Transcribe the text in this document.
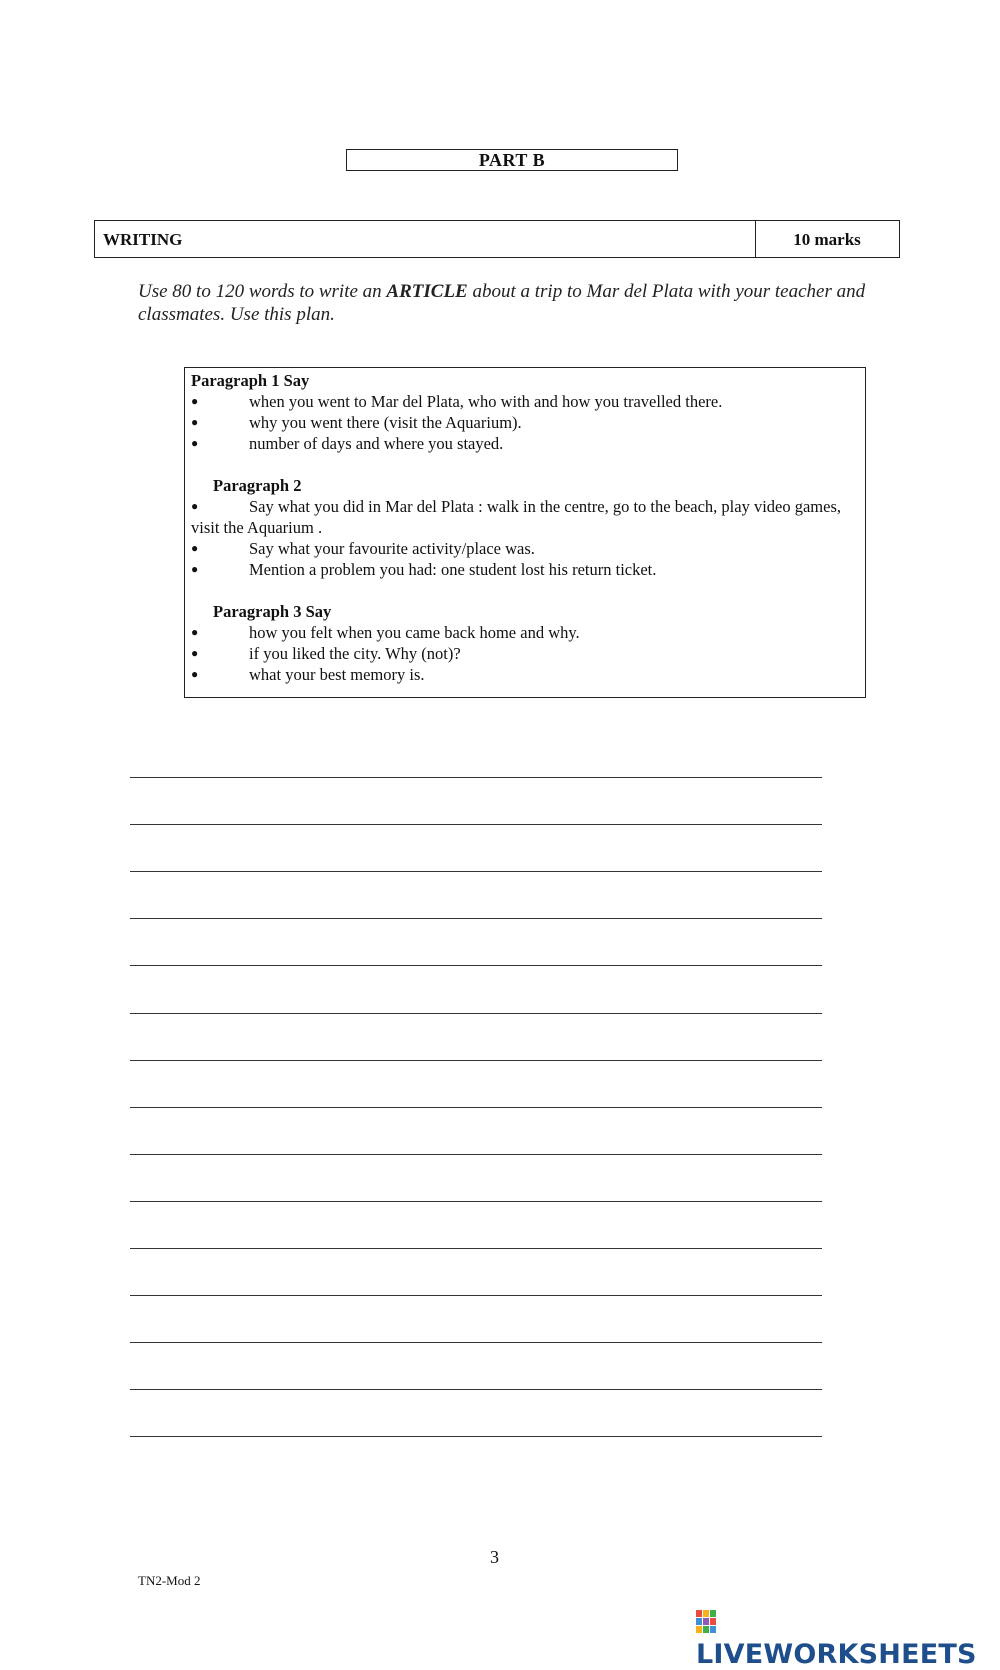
PART B
WRITING	10 marks
Use 80 to 120 words to write an ARTICLE about a trip to Mar del Plata with your teacher and classmates. Use this plan.
Paragraph 1 Say
● when you went to Mar del Plata, who with and how you travelled there.
● why you went there (visit the Aquarium).
● number of days and where you stayed.
Paragraph 2
● Say what you did in Mar del Plata : walk in the centre, go to the beach, play video games, visit the Aquarium .
● Say what your favourite activity/place was.
● Mention a problem you had: one student lost his return ticket.
Paragraph 3 Say
● how you felt when you came back home and why.
● if you liked the city. Why (not)?
● what your best memory is.
3
TN2-Mod 2
LIVEWORKSHEETS
